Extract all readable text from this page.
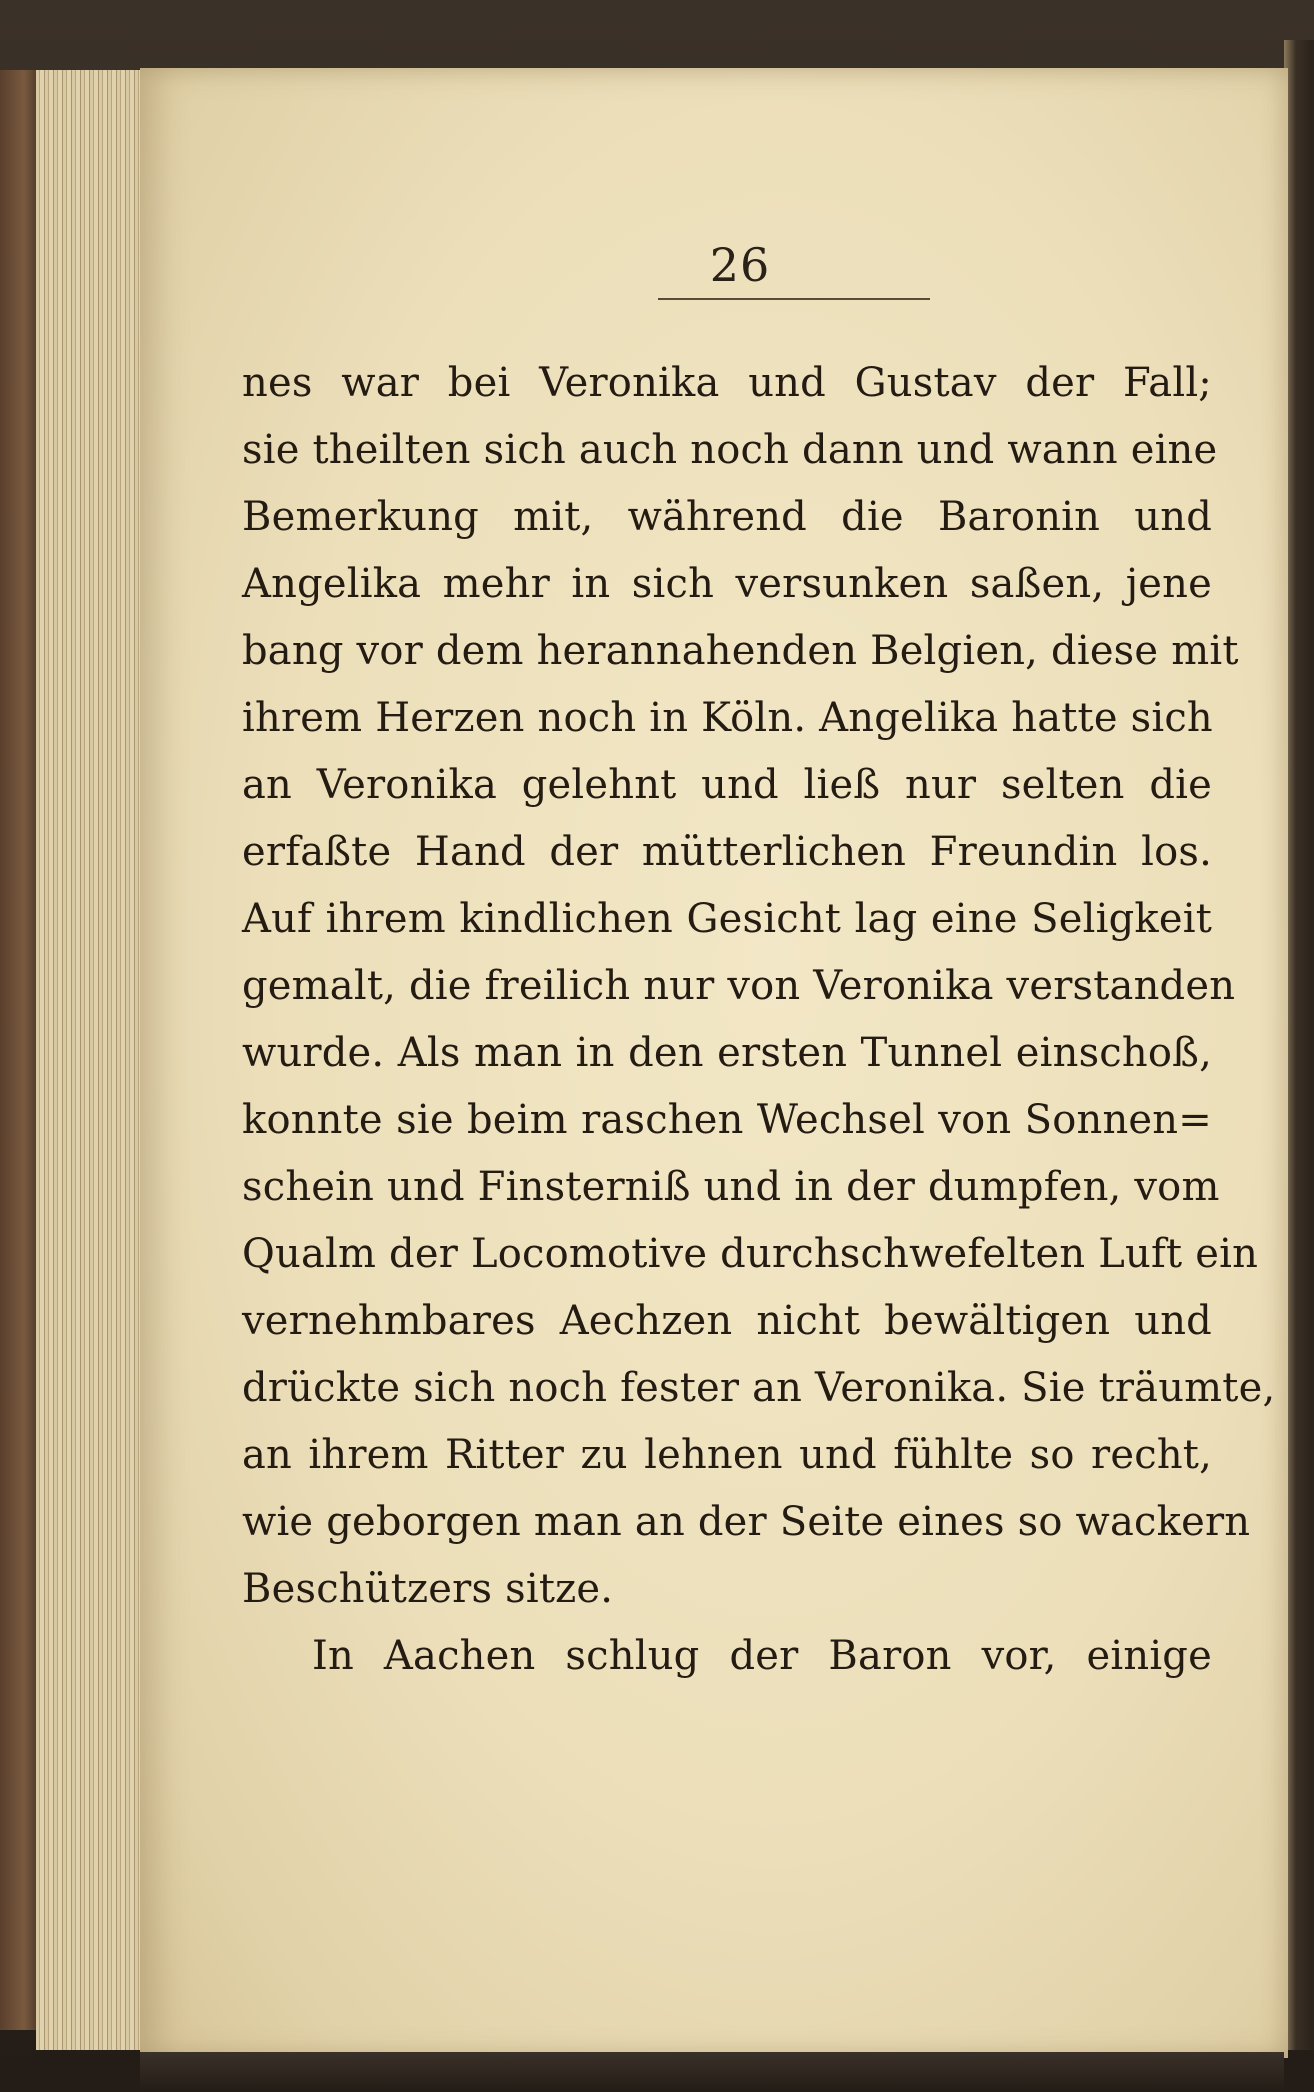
26
nes war bei Veronika und Gustav der Fall;
sie theilten sich auch noch dann und wann eine
Bemerkung mit, während die Baronin und
Angelika mehr in sich versunken saßen, jene
bang vor dem herannahenden Belgien, diese mit
ihrem Herzen noch in Köln. Angelika hatte sich
an Veronika gelehnt und ließ nur selten die
erfaßte Hand der mütterlichen Freundin los.
Auf ihrem kindlichen Gesicht lag eine Seligkeit
gemalt, die freilich nur von Veronika verstanden
wurde. Als man in den ersten Tunnel einschoß,
konnte sie beim raschen Wechsel von Sonnen=
schein und Finsterniß und in der dumpfen, vom
Qualm der Locomotive durchschwefelten Luft ein
vernehmbares Aechzen nicht bewältigen und
drückte sich noch fester an Veronika. Sie träumte,
an ihrem Ritter zu lehnen und fühlte so recht,
wie geborgen man an der Seite eines so wackern
Beschützers sitze.
In Aachen schlug der Baron vor, einige
